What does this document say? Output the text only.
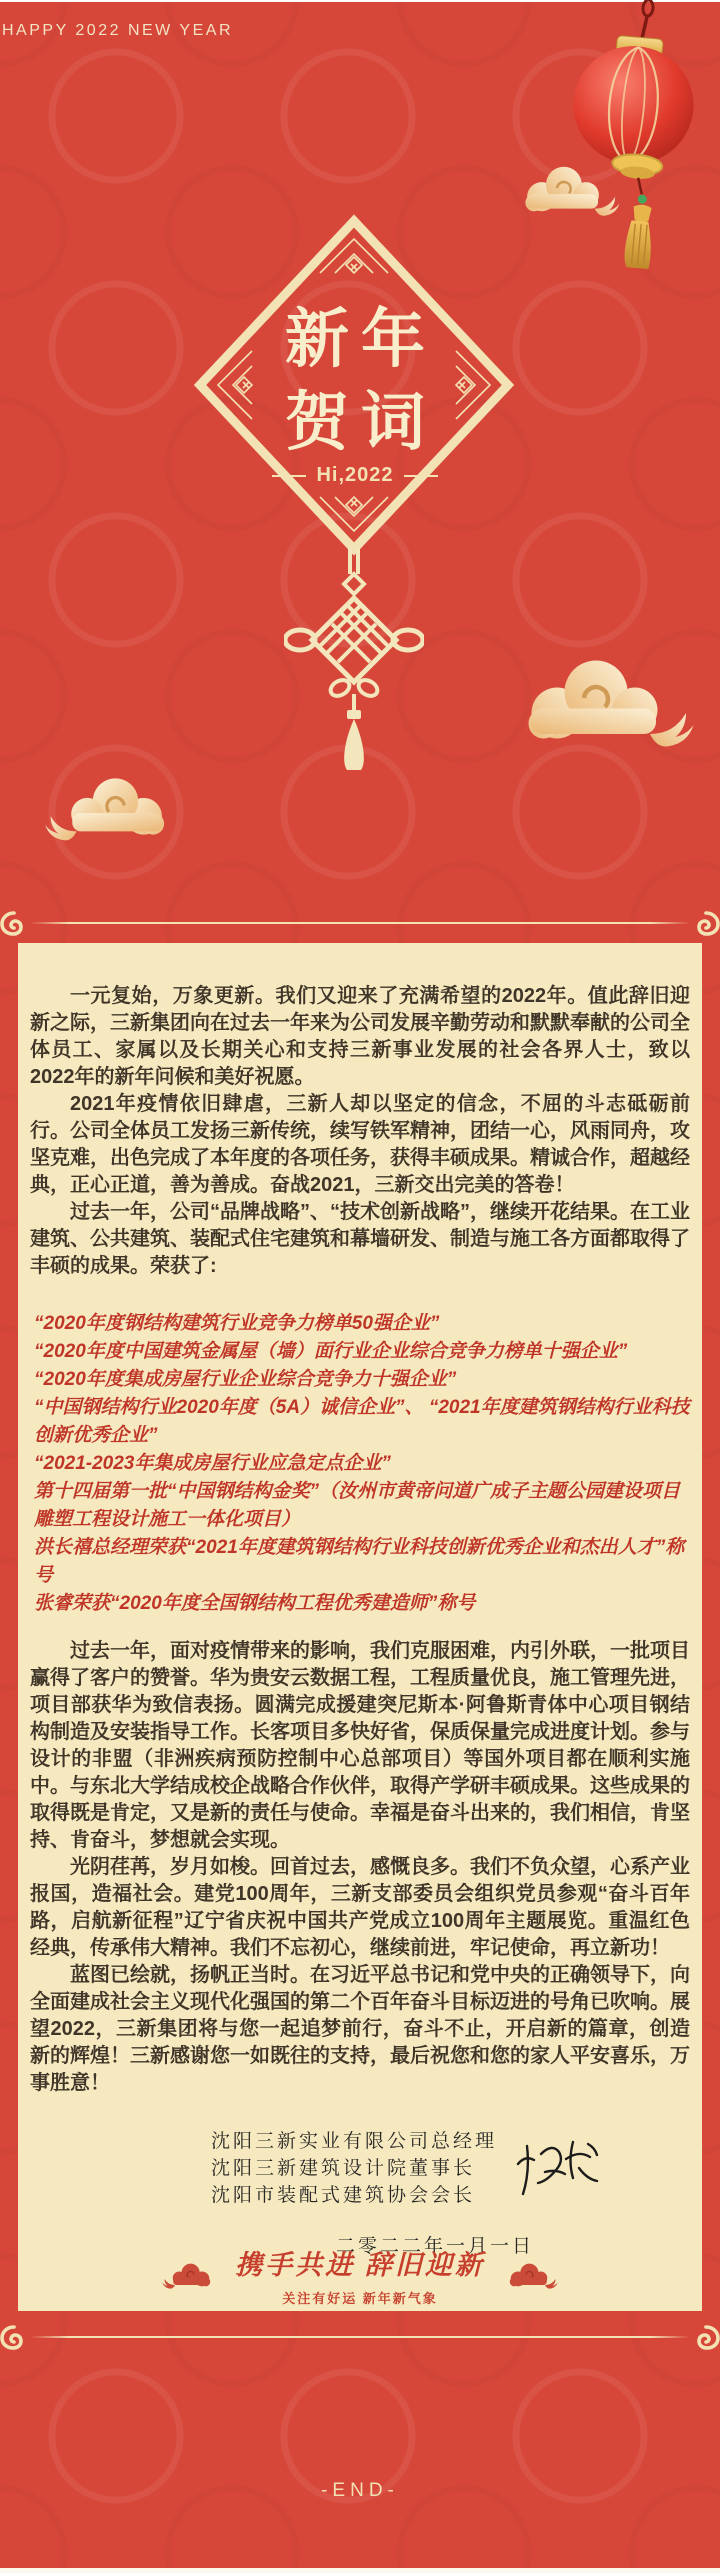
HAPPY 2022 NEW YEAR
新年
贺词
Hi,2022

一元复始，万象更新。我们又迎来了充满希望的2022年。值此辞旧迎新之际，三新集团向在过去一年来为公司发展辛勤劳动和默默奉献的公司全体员工、家属以及长期关心和支持三新事业发展的社会各界人士，致以2022年的新年问候和美好祝愿。

2021年疫情依旧肆虐，三新人却以坚定的信念，不屈的斗志砥砺前行。公司全体员工发扬三新传统，续写铁军精神，团结一心，风雨同舟，攻坚克难，出色完成了本年度的各项任务，获得丰硕成果。精诚合作，超越经典，正心正道，善为善成。奋战2021，三新交出完美的答卷！

过去一年，公司“品牌战略”、“技术创新战略”，继续开花结果。在工业建筑、公共建筑、装配式住宅建筑和幕墙研发、制造与施工各方面都取得了丰硕的成果。荣获了:

“2020年度钢结构建筑行业竞争力榜单50强企业”
“2020年度中国建筑金属屋（墙）面行业企业综合竞争力榜单十强企业”
“2020年度集成房屋行业企业综合竞争力十强企业”
“中国钢结构行业2020年度（5A）诚信企业”、 “2021年度建筑钢结构行业科技创新优秀企业”
“2021-2023年集成房屋行业应急定点企业”
第十四届第一批“中国钢结构金奖”（汝州市黄帝问道广成子主题公园建设项目雕塑工程设计施工一体化项目）
洪长禧总经理荣获“2021年度建筑钢结构行业科技创新优秀企业和杰出人才”称号
张睿荣获“2020年度全国钢结构工程优秀建造师”称号

过去一年，面对疫情带来的影响，我们克服困难，内引外联，一批项目赢得了客户的赞誉。华为贵安云数据工程，工程质量优良，施工管理先进，项目部获华为致信表扬。圆满完成援建突尼斯本·阿鲁斯青体中心项目钢结构制造及安装指导工作。长客项目多快好省，保质保量完成进度计划。参与设计的非盟（非洲疾病预防控制中心总部项目）等国外项目都在顺利实施中。与东北大学结成校企战略合作伙伴，取得产学研丰硕成果。这些成果的取得既是肯定，又是新的责任与使命。幸福是奋斗出来的，我们相信，肯坚持、肯奋斗，梦想就会实现。

光阴荏苒，岁月如梭。回首过去，感慨良多。我们不负众望，心系产业报国，造福社会。建党100周年，三新支部委员会组织党员参观“奋斗百年路，启航新征程”辽宁省庆祝中国共产党成立100周年主题展览。重温红色经典，传承伟大精神。我们不忘初心，继续前进，牢记使命，再立新功！

蓝图已绘就，扬帆正当时。在习近平总书记和党中央的正确领导下，向全面建成社会主义现代化强国的第二个百年奋斗目标迈进的号角已吹响。展望2022，三新集团将与您一起追梦前行，奋斗不止，开启新的篇章，创造新的辉煌！三新感谢您一如既往的支持，最后祝您和您的家人平安喜乐，万事胜意！

沈阳三新实业有限公司总经理
沈阳三新建筑设计院董事长
沈阳市装配式建筑协会会长
二零二二年一月一日
携手共进 辞旧迎新
关注有好运 新年新气象
-END-
